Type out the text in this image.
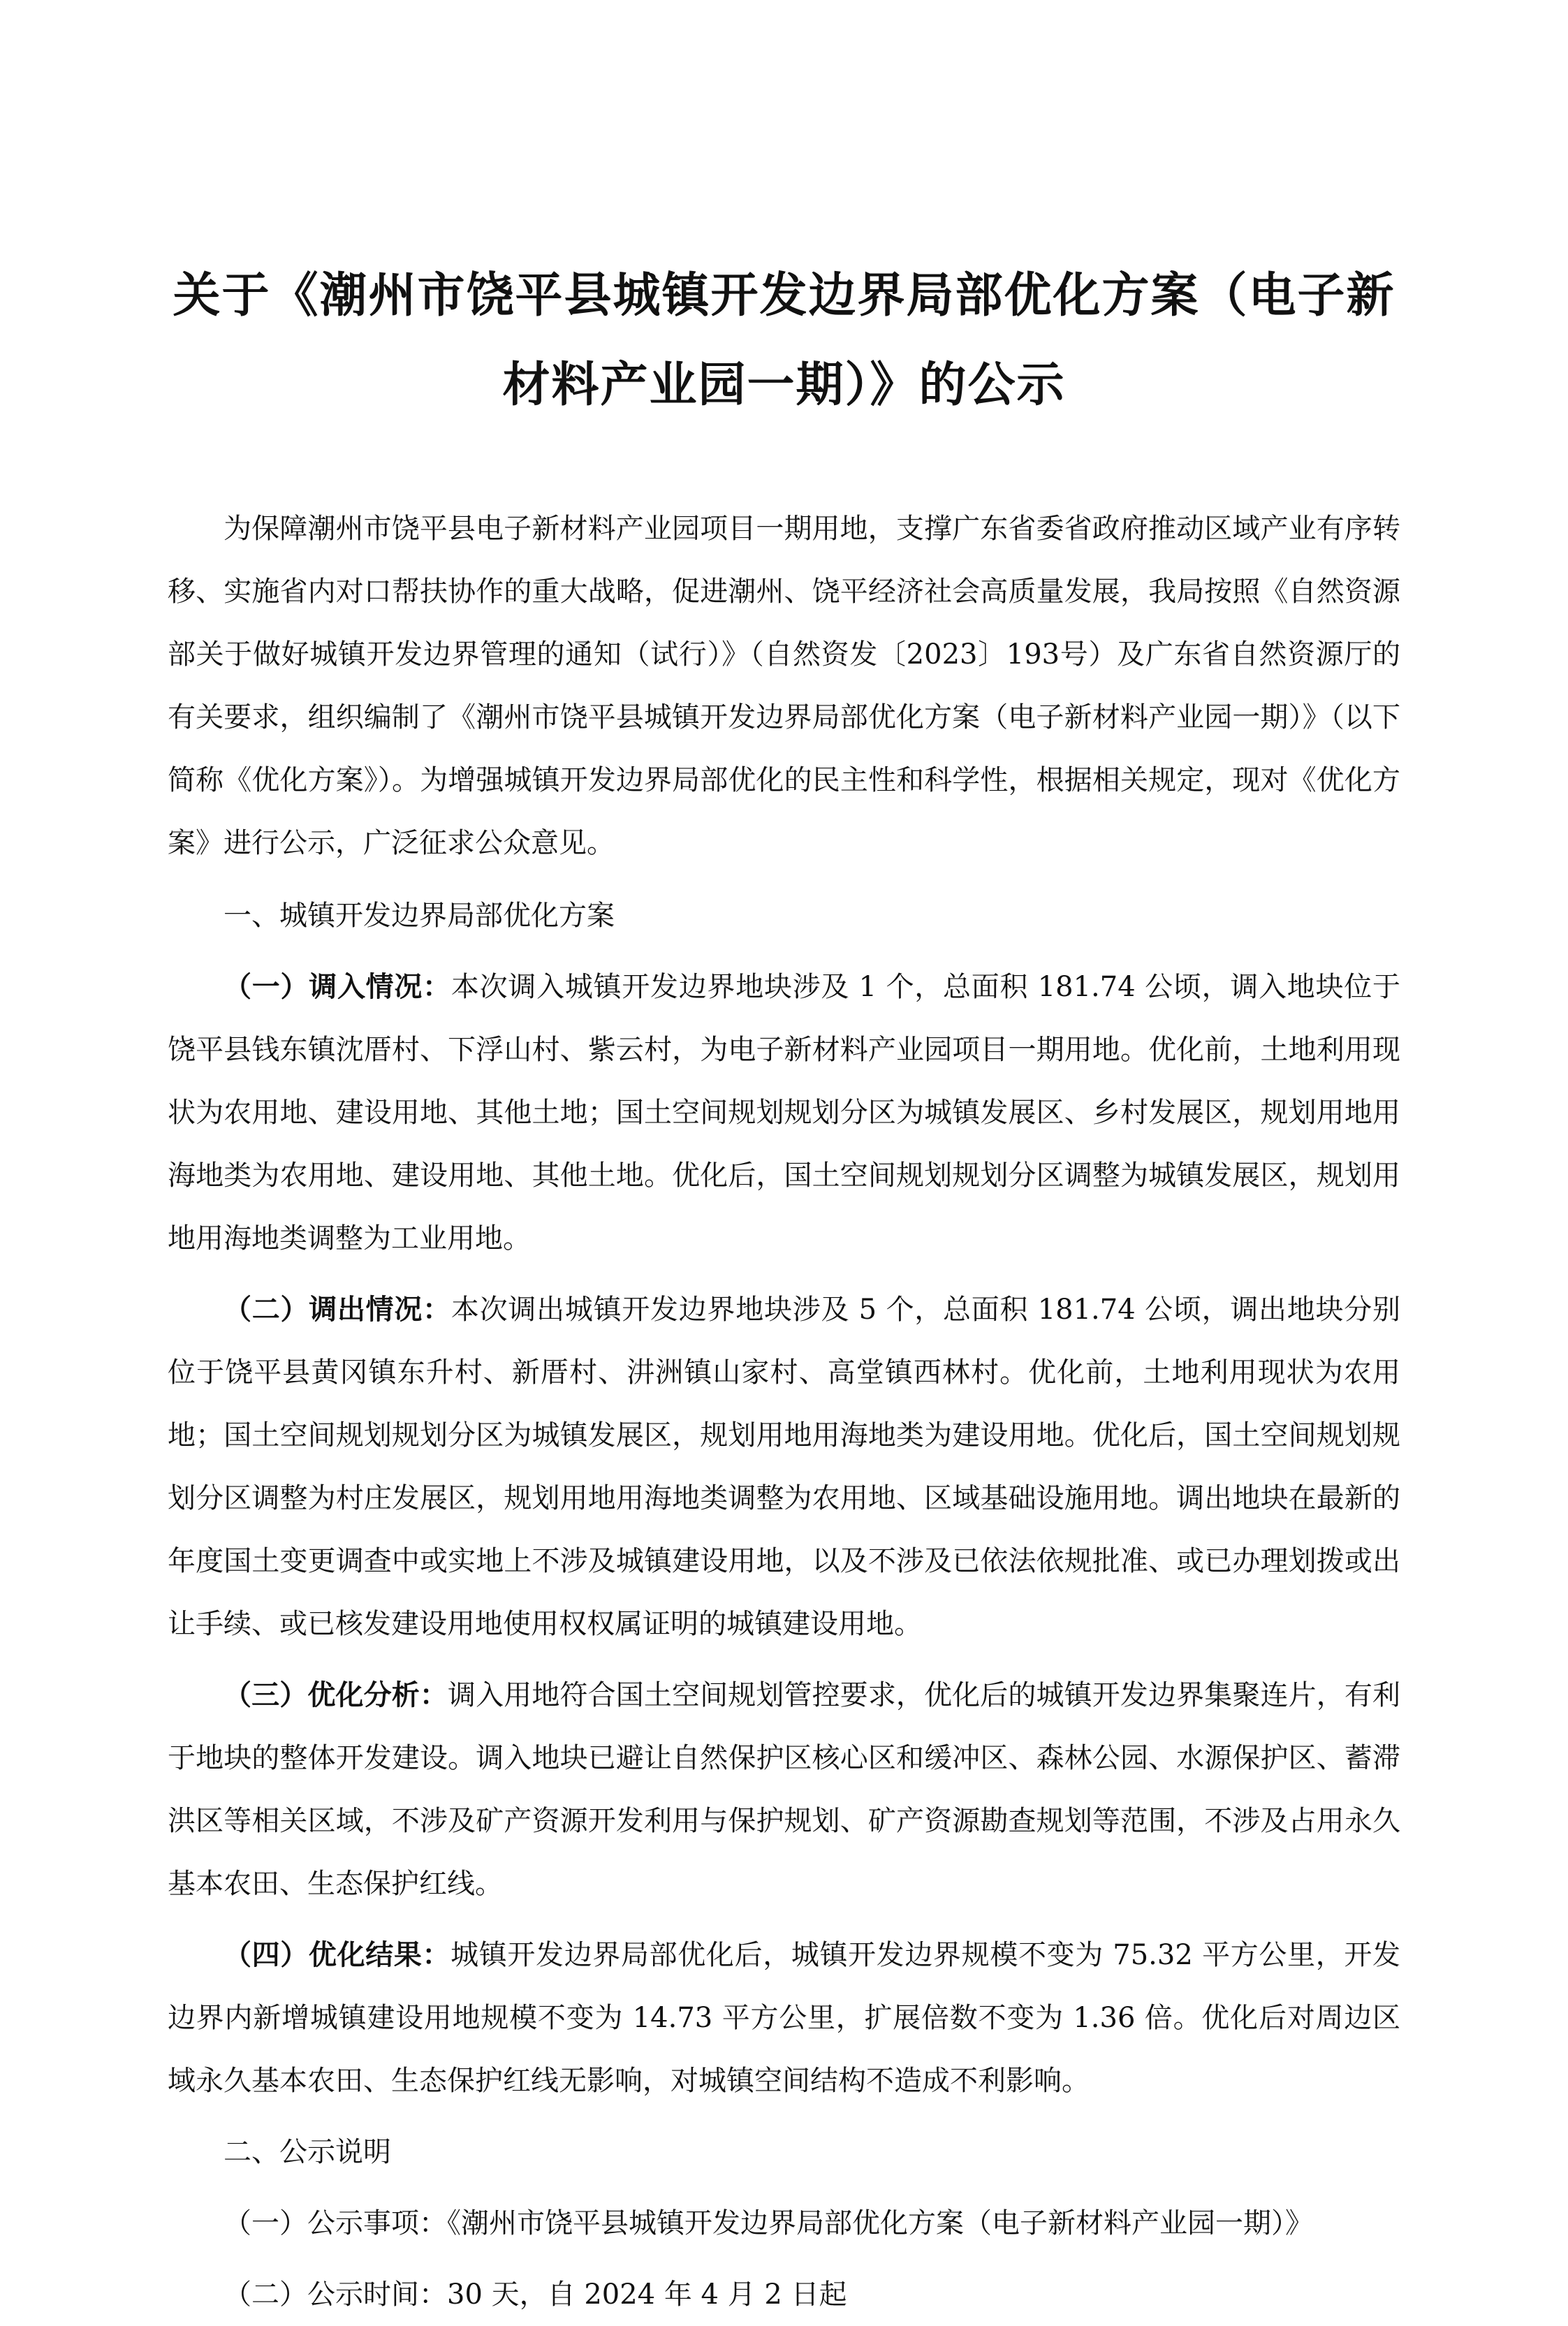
关于《潮州市饶平县城镇开发边界局部优化方案（电子新
材料产业园一期）》的公示

为保障潮州市饶平县电子新材料产业园项目一期用地，支撑广东省委省政府推动区域产业有序转移、实施省内对口帮扶协作的重大战略，促进潮州、饶平经济社会高质量发展，我局按照《自然资源部关于做好城镇开发边界管理的通知（试行）》（自然资发〔2023〕193号）及广东省自然资源厅的有关要求，组织编制了《潮州市饶平县城镇开发边界局部优化方案（电子新材料产业园一期）》（以下简称《优化方案》）。为增强城镇开发边界局部优化的民主性和科学性，根据相关规定，现对《优化方案》进行公示，广泛征求公众意见。

一、城镇开发边界局部优化方案

（一）调入情况：本次调入城镇开发边界地块涉及 1 个，总面积 181.74 公顷，调入地块位于饶平县钱东镇沈厝村、下浮山村、紫云村，为电子新材料产业园项目一期用地。优化前，土地利用现状为农用地、建设用地、其他土地；国土空间规划规划分区为城镇发展区、乡村发展区，规划用地用海地类为农用地、建设用地、其他土地。优化后，国土空间规划规划分区调整为城镇发展区，规划用地用海地类调整为工业用地。

（二）调出情况：本次调出城镇开发边界地块涉及 5 个，总面积 181.74 公顷，调出地块分别位于饶平县黄冈镇东升村、新厝村、汫洲镇山家村、高堂镇西林村。优化前，土地利用现状为农用地；国土空间规划规划分区为城镇发展区，规划用地用海地类为建设用地。优化后，国土空间规划规划分区调整为村庄发展区，规划用地用海地类调整为农用地、区域基础设施用地。调出地块在最新的年度国土变更调查中或实地上不涉及城镇建设用地，以及不涉及已依法依规批准、或已办理划拨或出让手续、或已核发建设用地使用权权属证明的城镇建设用地。

（三）优化分析：调入用地符合国土空间规划管控要求，优化后的城镇开发边界集聚连片，有利于地块的整体开发建设。调入地块已避让自然保护区核心区和缓冲区、森林公园、水源保护区、蓄滞洪区等相关区域，不涉及矿产资源开发利用与保护规划、矿产资源勘查规划等范围，不涉及占用永久基本农田、生态保护红线。

（四）优化结果：城镇开发边界局部优化后，城镇开发边界规模不变为 75.32 平方公里，开发边界内新增城镇建设用地规模不变为 14.73 平方公里，扩展倍数不变为 1.36 倍。优化后对周边区域永久基本农田、生态保护红线无影响，对城镇空间结构不造成不利影响。

二、公示说明

（一）公示事项：《潮州市饶平县城镇开发边界局部优化方案（电子新材料产业园一期）》

（二）公示时间：30 天，自 2024 年 4 月 2 日起
